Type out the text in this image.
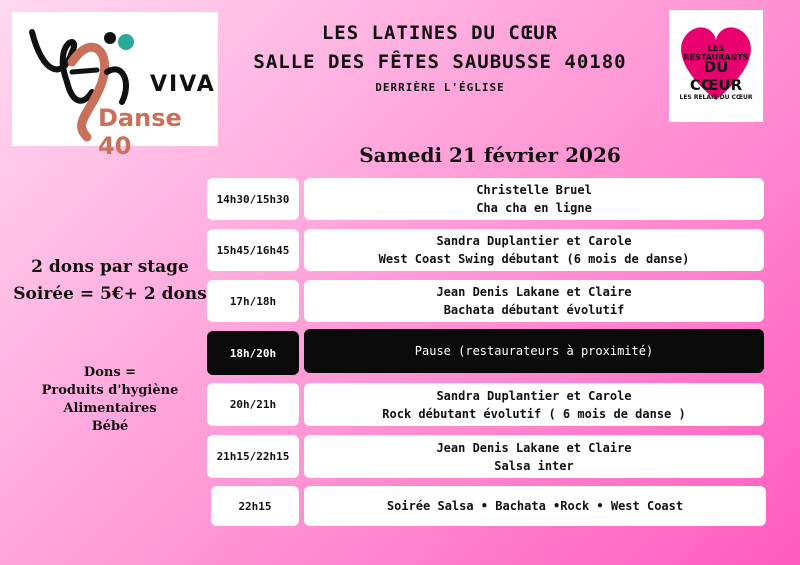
VIVA
Danse 40
LES LATINES DU CŒUR
SALLE DES FÊTES SAUBUSSE 40180
DERRIÈRE L'ÉGLISE
LES RESTAURANTS
DU CŒUR
LES RELAIS DU CŒUR
Samedi 21 février 2026
2 dons par stage
Soirée = 5€+ 2 dons
Dons =
Produits d'hygiène
Alimentaires
Bébé
14h30/15h30
Christelle Bruel
Cha cha en ligne
15h45/16h45
Sandra Duplantier et Carole
West Coast Swing débutant (6 mois de danse)
17h/18h
Jean Denis Lakane et Claire
Bachata débutant évolutif
18h/20h	Pause (restaurateurs à proximité)
20h/21h
Sandra Duplantier et Carole
Rock débutant évolutif ( 6 mois de danse )
21h15/22h15
Jean Denis Lakane et Claire
Salsa inter
22h15	Soirée Salsa • Bachata •Rock • West Coast
